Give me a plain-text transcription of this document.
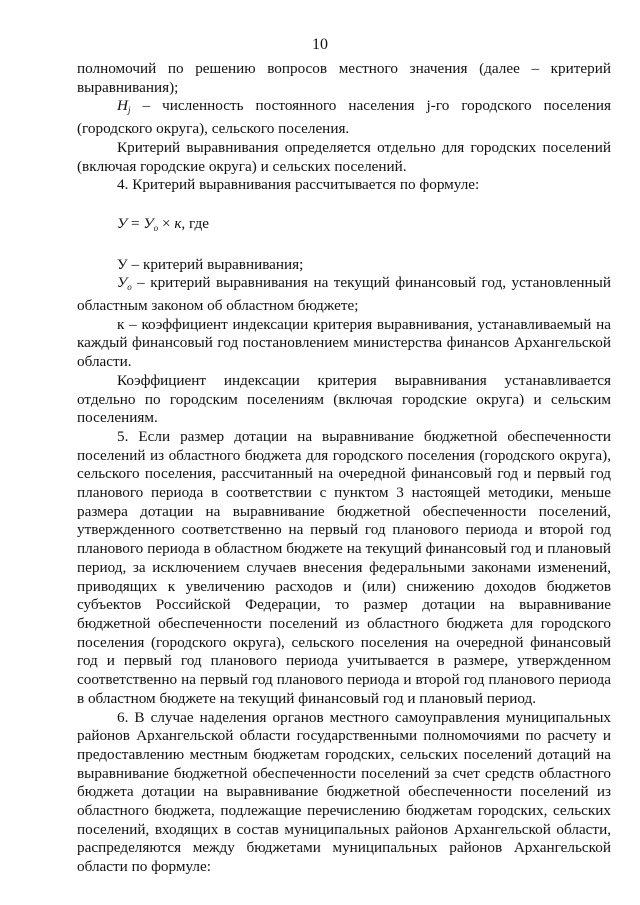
10

полномочий по решению вопросов местного значения (далее – критерий выравнивания);

$H_j$ – численность постоянного населения j-го городского поселения (городского округа), сельского поселения.

Критерий выравнивания определяется отдельно для городских поселений (включая городские округа) и сельских поселений.

4. Критерий выравнивания рассчитывается по формуле:

$У = У_о \times к$, где

У – критерий выравнивания;

$У_о$ – критерий выравнивания на текущий финансовый год, установленный областным законом об областном бюджете;

к – коэффициент индексации критерия выравнивания, устанавливаемый на каждый финансовый год постановлением министерства финансов Архангельской области.

Коэффициент индексации критерия выравнивания устанавливается отдельно по городским поселениям (включая городские округа) и сельским поселениям.

5. Если размер дотации на выравнивание бюджетной обеспеченности поселений из областного бюджета для городского поселения (городского округа), сельского поселения, рассчитанный на очередной финансовый год и первый год планового периода в соответствии с пунктом 3 настоящей методики, меньше размера дотации на выравнивание бюджетной обеспеченности поселений, утвержденного соответственно на первый год планового периода и второй год планового периода в областном бюджете на текущий финансовый год и плановый период, за исключением случаев внесения федеральными законами изменений, приводящих к увеличению расходов и (или) снижению доходов бюджетов субъектов Российской Федерации, то размер дотации на выравнивание бюджетной обеспеченности поселений из областного бюджета для городского поселения (городского округа), сельского поселения на очередной финансовый год и первый год планового периода учитывается в размере, утвержденном соответственно на первый год планового периода и второй год планового периода в областном бюджете на текущий финансовый год и плановый период.

6. В случае наделения органов местного самоуправления муниципальных районов Архангельской области государственными полномочиями по расчету и предоставлению местным бюджетам городских, сельских поселений дотаций на выравнивание бюджетной обеспеченности поселений за счет средств областного бюджета дотации на выравнивание бюджетной обеспеченности поселений из областного бюджета, подлежащие перечислению бюджетам городских, сельских поселений, входящих в состав муниципальных районов Архангельской области, распределяются между бюджетами муниципальных районов Архангельской области по формуле:
